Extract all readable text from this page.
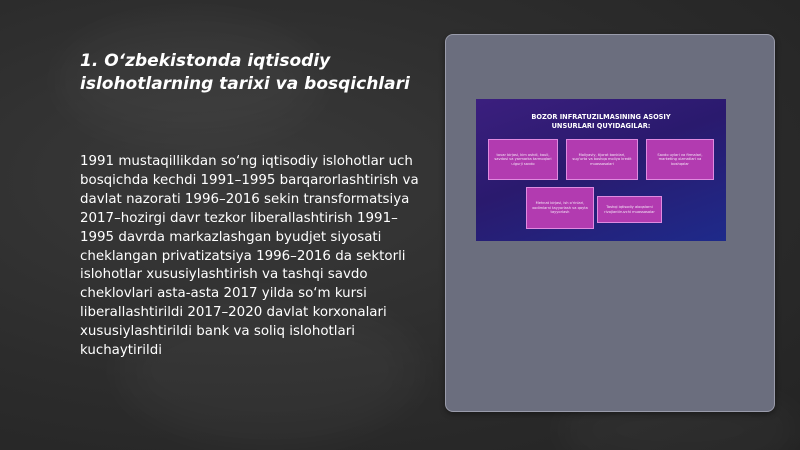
1. O‘zbekistonda iqtisodiy
islohotlarning tarixi va bosqichlari

1991 mustaqillikdan so‘ng iqtisodiy islohotlar uch bosqichda kechdi 1991–1995 barqarorlashtirish va davlat nazorati 1996–2016 sekin transformatsiya 2017–hozirgi davr tezkor liberallashtirish 1991–1995 davrda markazlashgan byudjet siyosati cheklangan privatizatsiya 1996–2016 da sektorli islohotlar xususiylashtirish va tashqi savdo cheklovlari asta-asta 2017 yilda so‘m kursi liberallashtirildi 2017–2020 davlat korxonalari xususiylashtirildi bank va soliq islohotlari kuchaytirildi

BOZOR INFRATUZILMASINING ASOSIY
UNSURLARI QUYIDAGILAR:
tovar birjasi, kim oshdi, kauli, savdosi va yarmarka tarmoqlari ulgurji savdo
Moliyaviy, tijorat banklari, sug'urta va boshqa moliya kredit muassasalari
Savdo uylari va firmalari, marketing xizmatlari va boshqalar
Mehnat birjasi, ish o'rinlari, xodimlarni tayyorlash va qayta tayyorlash
Tashqi iqtisodiy aloqalarni rivojlantiruvchi muassasalar
